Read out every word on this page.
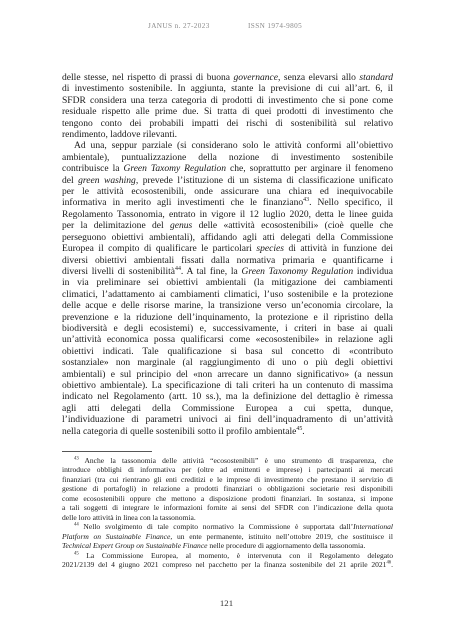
JANUS n. 27-2023	ISSN 1974-9805
delle stesse, nel rispetto di prassi di buona governance, senza elevarsi allo standard
di investimento sostenibile. In aggiunta, stante la previsione di cui all’art. 6, il
SFDR considera una terza categoria di prodotti di investimento che si pone come
residuale rispetto alle prime due. Si tratta di quei prodotti di investimento che
tengono conto dei probabili impatti dei rischi di sostenibilità sul relativo
rendimento, laddove rilevanti.
Ad una, seppur parziale (si considerano solo le attività conformi all’obiettivo
ambientale), puntualizzazione della nozione di investimento sostenibile
contribuisce la Green Taxomy Regulation che, soprattutto per arginare il fenomeno
del green washing, prevede l’istituzione di un sistema di classificazione unificato
per le attività ecosostenibili, onde assicurare una chiara ed inequivocabile
informativa in merito agli investimenti che le finanziano$^{43}$. Nello specifico, il
Regolamento Tassonomia, entrato in vigore il 12 luglio 2020, detta le linee guida
per la delimitazione del genus delle «attività ecosostenibili» (cioè quelle che
perseguono obiettivi ambientali), affidando agli atti delegati della Commissione
Europea il compito di qualificare le particolari species di attività in funzione dei
diversi obiettivi ambientali fissati dalla normativa primaria e quantificarne i
diversi livelli di sostenibilità$^{44}$. A tal fine, la Green Taxonomy Regulation individua
in via preliminare sei obiettivi ambientali (la mitigazione dei cambiamenti
climatici, l’adattamento ai cambiamenti climatici, l’uso sostenibile e la protezione
delle acque e delle risorse marine, la transizione verso un’economia circolare, la
prevenzione e la riduzione dell’inquinamento, la protezione e il ripristino della
biodiversità e degli ecosistemi) e, successivamente, i criteri in base ai quali
un’attività economica possa qualificarsi come «ecosostenibile» in relazione agli
obiettivi indicati. Tale qualificazione si basa sul concetto di «contributo
sostanziale» non marginale (al raggiungimento di uno o più degli obiettivi
ambientali) e sul principio del «non arrecare un danno significativo» (a nessun
obiettivo ambientale). La specificazione di tali criteri ha un contenuto di massima
indicato nel Regolamento (artt. 10 ss.), ma la definizione del dettaglio è rimessa
agli atti delegati della Commissione Europea a cui spetta, dunque,
l’individuazione di parametri univoci ai fini dell’inquadramento di un’attività
nella categoria di quelle sostenibili sotto il profilo ambientale$^{45}$.
$^{43}$ Anche la tassonomia delle attività “ecosostenibili” è uno strumento di trasparenza, che
introduce obblighi di informativa per (oltre ad emittenti e imprese) i partecipanti ai mercati
finanziari (tra cui rientrano gli enti creditizi e le imprese di investimento che prestano il servizio di
gestione di portafogli) in relazione a prodotti finanziari o obbligazioni societarie resi disponibili
come ecosostenibili oppure che mettono a disposizione prodotti finanziari. In sostanza, si impone
a tali soggetti di integrare le informazioni fornite ai sensi del SFDR con l’indicazione della quota
delle loro attività in linea con la tassonomia.
$^{44}$ Nello svolgimento di tale compito normativo la Commissione è supportata dall’International
Platform on Sustainable Finance, un ente permanente, istituito nell’ottobre 2019, che sostituisce il
Technical Expert Group on Sustainable Finance nelle procedure di aggiornamento della tassonomia.
$^{45}$ La Commissione Europea, al momento, è intervenuta con il Regolamento delegato
2021/2139 del 4 giugno 2021 compreso nel pacchetto per la finanza sostenibile del 21 aprile 2021$^{46}$.
121
